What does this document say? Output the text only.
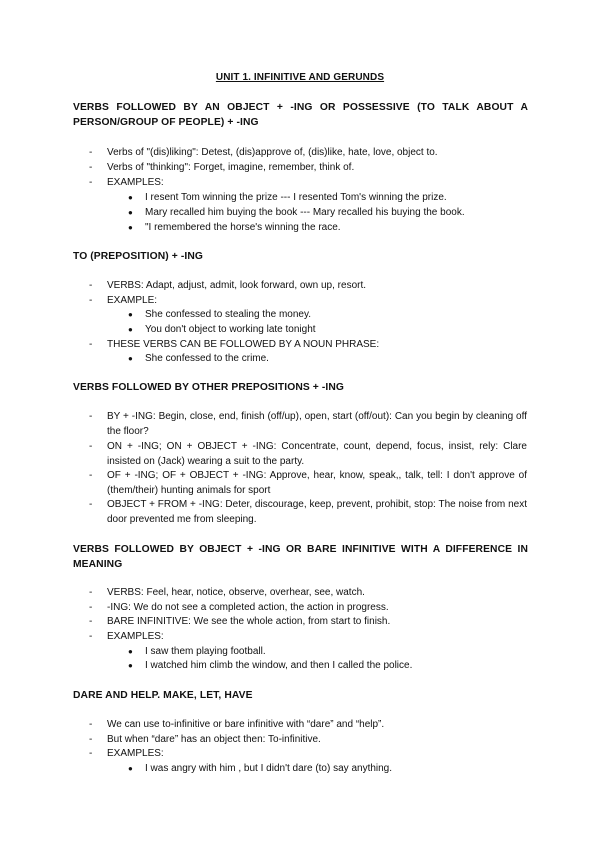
UNIT 1. INFINITIVE AND GERUNDS
VERBS FOLLOWED BY AN OBJECT + -ING OR POSSESSIVE (TO TALK ABOUT A PERSON/GROUP OF PEOPLE) + -ING
- Verbs of "(dis)liking": Detest, (dis)approve of, (dis)like, hate, love, object to.
- Verbs of "thinking": Forget, imagine, remember, think of.
- EXAMPLES:
● I resent Tom winning the prize --- I resented Tom's winning the prize.
● Mary recalled him buying the book --- Mary recalled his buying the book.
● "I remembered the horse's winning the race.
TO (PREPOSITION) + -ING
- VERBS: Adapt, adjust, admit, look forward, own up, resort.
- EXAMPLE:
● She confessed to stealing the money.
● You don't object to working late tonight
- THESE VERBS CAN BE FOLLOWED BY A NOUN PHRASE:
● She confessed to the crime.
VERBS FOLLOWED BY OTHER PREPOSITIONS + -ING
- BY + -ING: Begin, close, end, finish (off/up), open, start (off/out): Can you begin by cleaning off the floor?
- ON + -ING; ON + OBJECT + -ING: Concentrate, count, depend, focus, insist, rely: Clare insisted on (Jack) wearing a suit to the party.
- OF + -ING; OF + OBJECT + -ING: Approve, hear, know, speak,, talk, tell: I don't approve of (them/their) hunting animals for sport
- OBJECT + FROM + -ING: Deter, discourage, keep, prevent, prohibit, stop: The noise from next door prevented me from sleeping.
VERBS FOLLOWED BY OBJECT + -ING OR BARE INFINITIVE WITH A DIFFERENCE IN MEANING
- VERBS: Feel, hear, notice, observe, overhear, see, watch.
- -ING: We do not see a completed action, the action in progress.
- BARE INFINITIVE: We see the whole action, from start to finish.
- EXAMPLES:
● I saw them playing football.
● I watched him climb the window, and then I called the police.
DARE AND HELP. MAKE, LET, HAVE
- We can use to-infinitive or bare infinitive with “dare” and “help”.
- But when “dare” has an object then: To-infinitive.
- EXAMPLES:
● I was angry with him , but I didn't dare (to) say anything.
